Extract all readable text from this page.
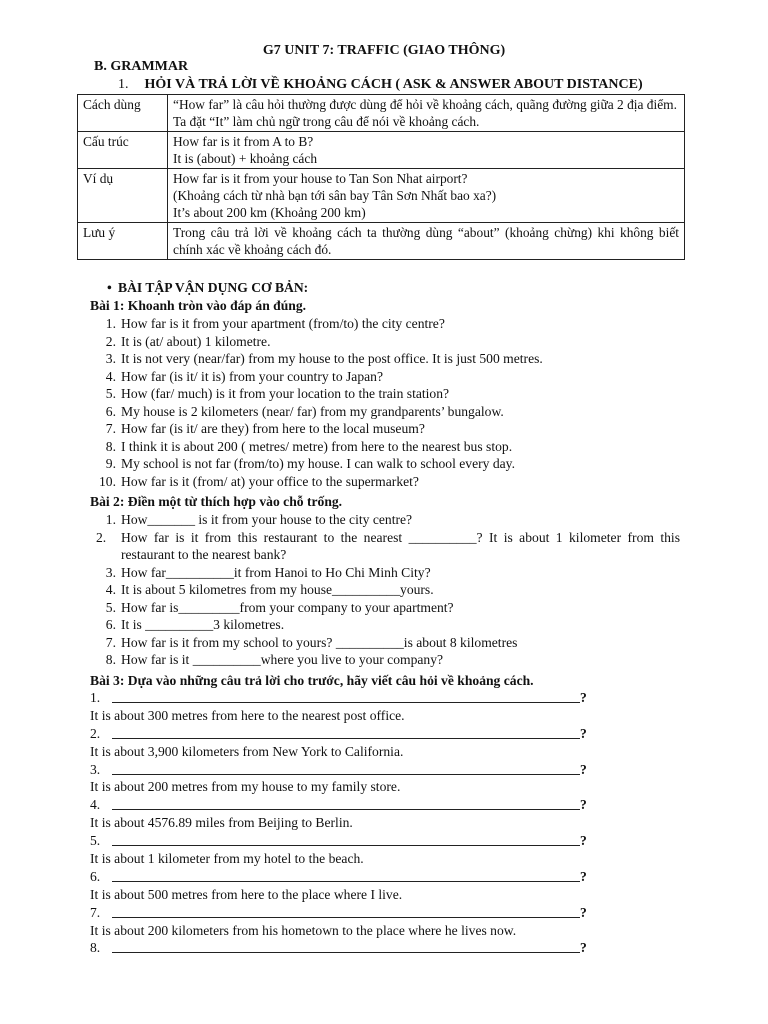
G7 UNIT 7: TRAFFIC (GIAO THÔNG)
B. GRAMMAR
1. HỎI VÀ TRẢ LỜI VỀ KHOẢNG CÁCH ( ASK & ANSWER ABOUT DISTANCE)
Cách dùng	“How far” là câu hỏi thường được dùng để hỏi về khoảng cách, quãng đường giữa 2 địa điểm.

Ta đặt “It” làm chủ ngữ trong câu để nói về khoảng cách.

Cấu trúc	How far is it from A to B?

It is (about) + khoảng cách

Ví dụ	How far is it from your house to Tan Son Nhat airport?

(Khoảng cách từ nhà bạn tới sân bay Tân Sơn Nhất bao xa?)

It’s about 200 km (Khoảng 200 km)

Lưu ý	Trong câu trả lời về khoảng cách ta thường dùng “about” (khoảng chừng) khi không biết chính xác về khoảng cách đó.

• BÀI TẬP VẬN DỤNG CƠ BẢN:
Bài 1: Khoanh tròn vào đáp án đúng.
1. How far is it from your apartment (from/to) the city centre?
2. It is (at/ about) 1 kilometre.
3. It is not very (near/far) from my house to the post office. It is just 500 metres.
4. How far (is it/ it is) from your country to Japan?
5. How (far/ much) is it from your location to the train station?
6. My house is 2 kilometers (near/ far) from my grandparents’ bungalow.
7. How far (is it/ are they) from here to the local museum?
8. I think it is about 200 ( metres/ metre) from here to the nearest bus stop.
9. My school is not far (from/to) my house. I can walk to school every day.
10. How far is it (from/ at) your office to the supermarket?
Bài 2: Điền một từ thích hợp vào chỗ trống.
1. How_______ is it from your house to the city centre?
2.	How far is it from this restaurant to the nearest __________? It is about 1 kilometer from this restaurant to the nearest bank?
3. How far__________it from Hanoi to Ho Chi Minh City?
4. It is about 5 kilometres from my house__________yours.
5. How far is_________from your company to your apartment?
6. It is __________3 kilometres.
7. How far is it from my school to yours? __________is about 8 kilometres
8. How far is it __________where you live to your company?
Bài 3: Dựa vào những câu trả lời cho trước, hãy viết câu hỏi về khoảng cách.
1.	?
It is about 300 metres from here to the nearest post office.
2.	?
It is about 3,900 kilometers from New York to California.
3.	?
It is about 200 metres from my house to my family store.
4.	?
It is about 4576.89 miles from Beijing to Berlin.
5.	?
It is about 1 kilometer from my hotel to the beach.
6.	?
It is about 500 metres from here to the place where I live.
7.	?
It is about 200 kilometers from his hometown to the place where he lives now.
8.	?
